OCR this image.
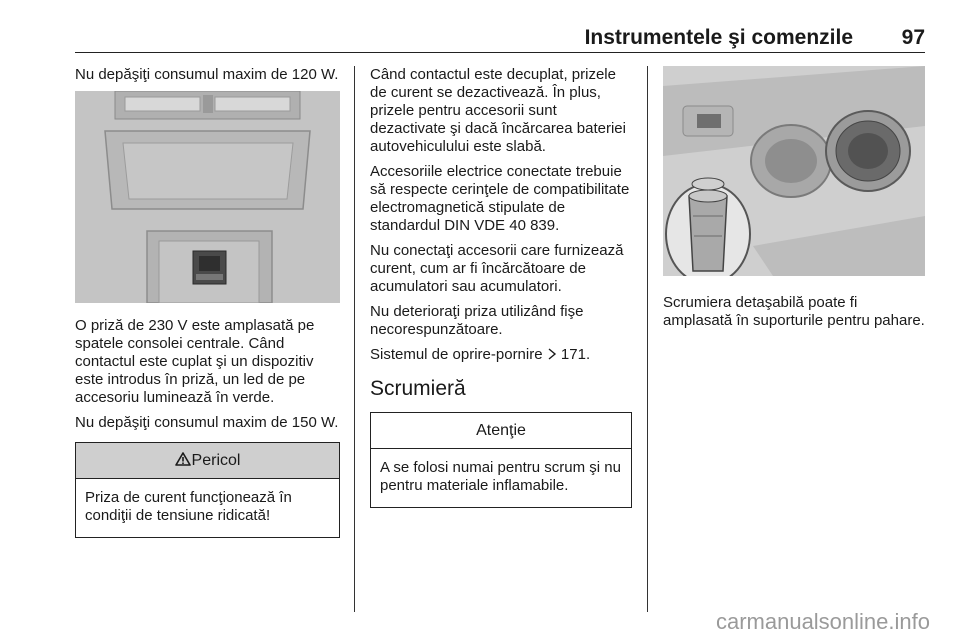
Instrumentele şi comenzile 97

Nu depăşiţi consumul maxim de 120 W.

O priză de 230 V este amplasată pe spatele consolei centrale. Când contactul este cuplat şi un dispozitiv este introdus în priză, un led de pe accesoriu luminează în verde.

Nu depăşiţi consumul maxim de 150 W.

Pericol
Priza de curent funcţionează în condiţii de tensiune ridicată!

Când contactul este decuplat, prizele de curent se dezactivează. În plus, prizele pentru accesorii sunt dezactivate şi dacă încărcarea bateriei autovehiculului este slabă.

Accesoriile electrice conectate trebuie să respecte cerinţele de compatibilitate electromagnetică stipulate de standardul DIN VDE 40 839.

Nu conectaţi accesorii care furnizează curent, cum ar fi încărcătoare de acumulatori sau acumulatori.

Nu deterioraţi priza utilizând fişe necorespunzătoare.

Sistemul de oprire-pornire 171.

Scrumieră
Atenţie
A se folosi numai pentru scrum şi nu pentru materiale inflamabile.

Scrumiera detaşabilă poate fi amplasată în suporturile pentru pahare.

carmanualsonline.info
